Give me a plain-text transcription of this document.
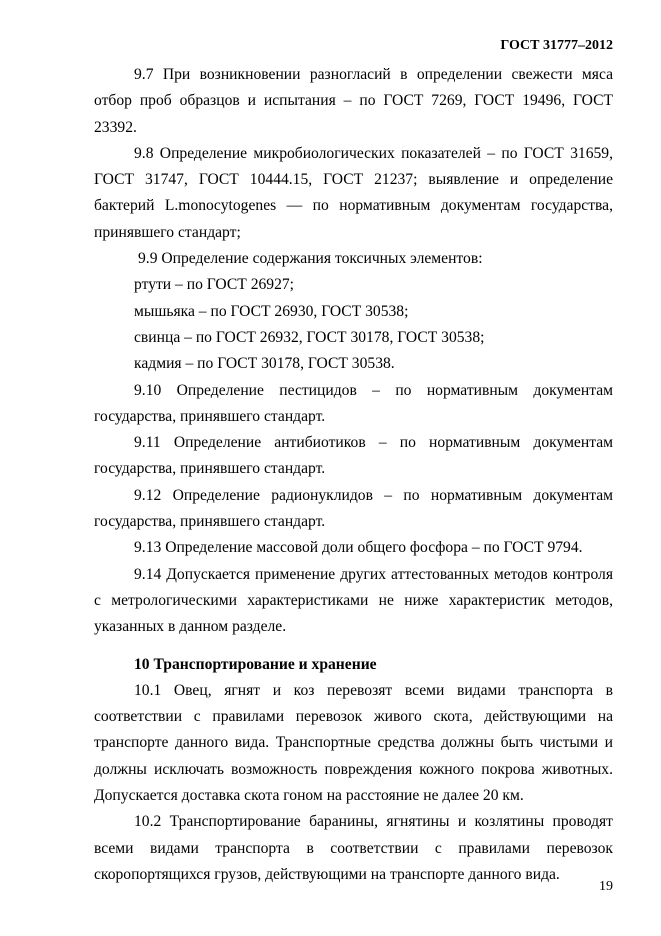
ГОСТ 31777–2012

9.7 При возникновении разногласий в определении свежести мяса отбор проб образцов и испытания – по ГОСТ 7269, ГОСТ 19496, ГОСТ 23392.

9.8 Определение микробиологических показателей – по ГОСТ 31659, ГОСТ 31747, ГОСТ 10444.15, ГОСТ 21237; выявление и определение бактерий L.monocytogenes — по нормативным документам государства, принявшего стандарт;

9.9 Определение содержания токсичных элементов:

ртути – по ГОСТ 26927;

мышьяка – по ГОСТ 26930, ГОСТ 30538;

свинца – по ГОСТ 26932, ГОСТ 30178, ГОСТ 30538;

кадмия – по ГОСТ 30178, ГОСТ 30538.

9.10 Определение пестицидов – по нормативным документам государства, принявшего стандарт.

9.11 Определение антибиотиков – по нормативным документам государства, принявшего стандарт.

9.12 Определение радионуклидов – по нормативным документам государства, принявшего стандарт.

9.13 Определение массовой доли общего фосфора – по ГОСТ 9794.

9.14 Допускается применение других аттестованных методов контроля с метрологическими характеристиками не ниже характеристик методов, указанных в данном разделе.

10 Транспортирование и хранение

10.1 Овец, ягнят и коз перевозят всеми видами транспорта в соответствии с правилами перевозок живого скота, действующими на транспорте данного вида. Транспортные средства должны быть чистыми и должны исключать возможность повреждения кожного покрова животных. Допускается доставка скота гоном на расстояние не далее 20 км.

10.2 Транспортирование баранины, ягнятины и козлятины проводят всеми видами транспорта в соответствии с правилами перевозок скоропортящихся грузов, действующими на транспорте данного вида.

19
